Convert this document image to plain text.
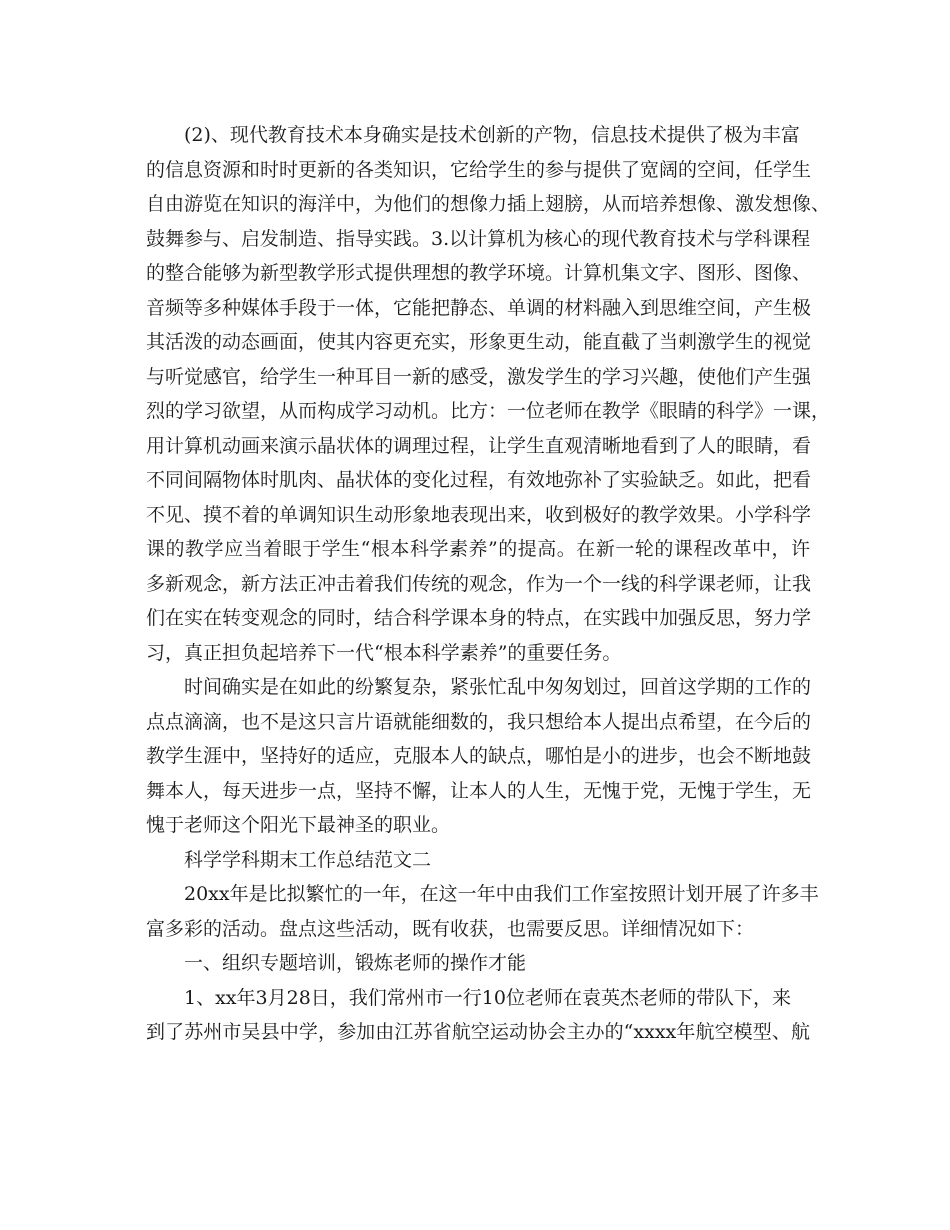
(2)、现代教育技术本身确实是技术创新的产物，信息技术提供了极为丰富
的信息资源和时时更新的各类知识，它给学生的参与提供了宽阔的空间，任学生
自由游览在知识的海洋中，为他们的想像力插上翅膀，从而培养想像、激发想像、
鼓舞参与、启发制造、指导实践。3.以计算机为核心的现代教育技术与学科课程
的整合能够为新型教学形式提供理想的教学环境。计算机集文字、图形、图像、
音频等多种媒体手段于一体，它能把静态、单调的材料融入到思维空间，产生极
其活泼的动态画面，使其内容更充实，形象更生动，能直截了当刺激学生的视觉
与听觉感官，给学生一种耳目一新的感受，激发学生的学习兴趣，使他们产生强
烈的学习欲望，从而构成学习动机。比方：一位老师在教学《眼睛的科学》一课，
用计算机动画来演示晶状体的调理过程，让学生直观清晰地看到了人的眼睛，看
不同间隔物体时肌肉、晶状体的变化过程，有效地弥补了实验缺乏。如此，把看
不见、摸不着的单调知识生动形象地表现出来，收到极好的教学效果。小学科学
课的教学应当着眼于学生“根本科学素养”的提高。在新一轮的课程改革中，许
多新观念，新方法正冲击着我们传统的观念，作为一个一线的科学课老师，让我
们在实在转变观念的同时，结合科学课本身的特点，在实践中加强反思，努力学
习，真正担负起培养下一代“根本科学素养”的重要任务。
时间确实是在如此的纷繁复杂，紧张忙乱中匆匆划过，回首这学期的工作的
点点滴滴，也不是这只言片语就能细数的，我只想给本人提出点希望，在今后的
教学生涯中，坚持好的适应，克服本人的缺点，哪怕是小的进步，也会不断地鼓
舞本人，每天进步一点，坚持不懈，让本人的人生，无愧于党，无愧于学生，无
愧于老师这个阳光下最神圣的职业。
科学学科期末工作总结范文二
20xx年是比拟繁忙的一年，在这一年中由我们工作室按照计划开展了许多丰
富多彩的活动。盘点这些活动，既有收获，也需要反思。详细情况如下：
一、组织专题培训，锻炼老师的操作才能
1、xx年3月28日，我们常州市一行10位老师在袁英杰老师的带队下，来
到了苏州市吴县中学，参加由江苏省航空运动协会主办的“xxxx年航空模型、航
